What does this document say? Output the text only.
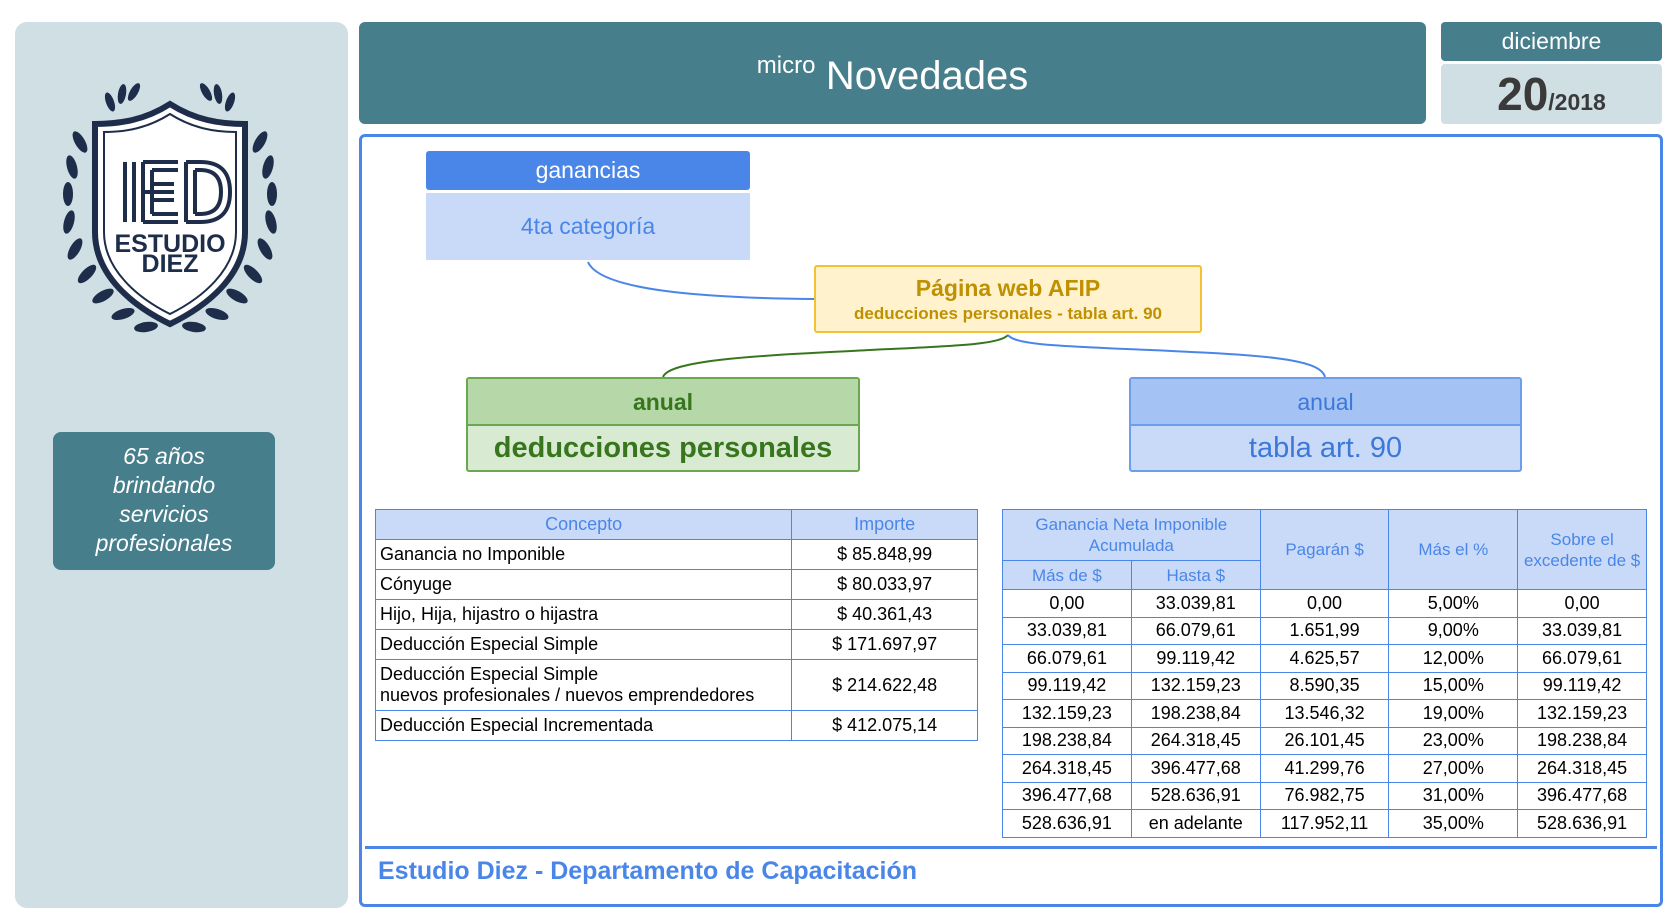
ESTUDIO
DIEZ
65 años
brindando
servicios
profesionales
micro Novedades
diciembre
20/2018
Estudio Diez - Departamento de Capacitación
ganancias
4ta categoría
Página web AFIP
deducciones personales - tabla art. 90
anual
deducciones personales
anual
tabla art. 90
Concepto	Importe
Ganancia no Imponible	$ 85.848,99
Cónyuge	$ 80.033,97
Hijo, Hija, hijastro o hijastra	$ 40.361,43
Deducción Especial Simple	$ 171.697,97

Deducción Especial Simple
nuevos profesionales / nuevos emprendedores	$ 214.622,48
Deducción Especial Incrementada	$ 412.075,14
Ganancia Neta Imponible Acumulada		Pagarán $	Más el %	Sobre el excedente de $
Más de $	Hasta $			
0,00	33.039,81	0,00	5,00%	0,00
33.039,81	66.079,61	1.651,99	9,00%	33.039,81
66.079,61	99.119,42	4.625,57	12,00%	66.079,61
99.119,42	132.159,23	8.590,35	15,00%	99.119,42
132.159,23	198.238,84	13.546,32	19,00%	132.159,23
198.238,84	264.318,45	26.101,45	23,00%	198.238,84
264.318,45	396.477,68	41.299,76	27,00%	264.318,45
396.477,68	528.636,91	76.982,75	31,00%	396.477,68
528.636,91	en adelante	117.952,11	35,00%	528.636,91
